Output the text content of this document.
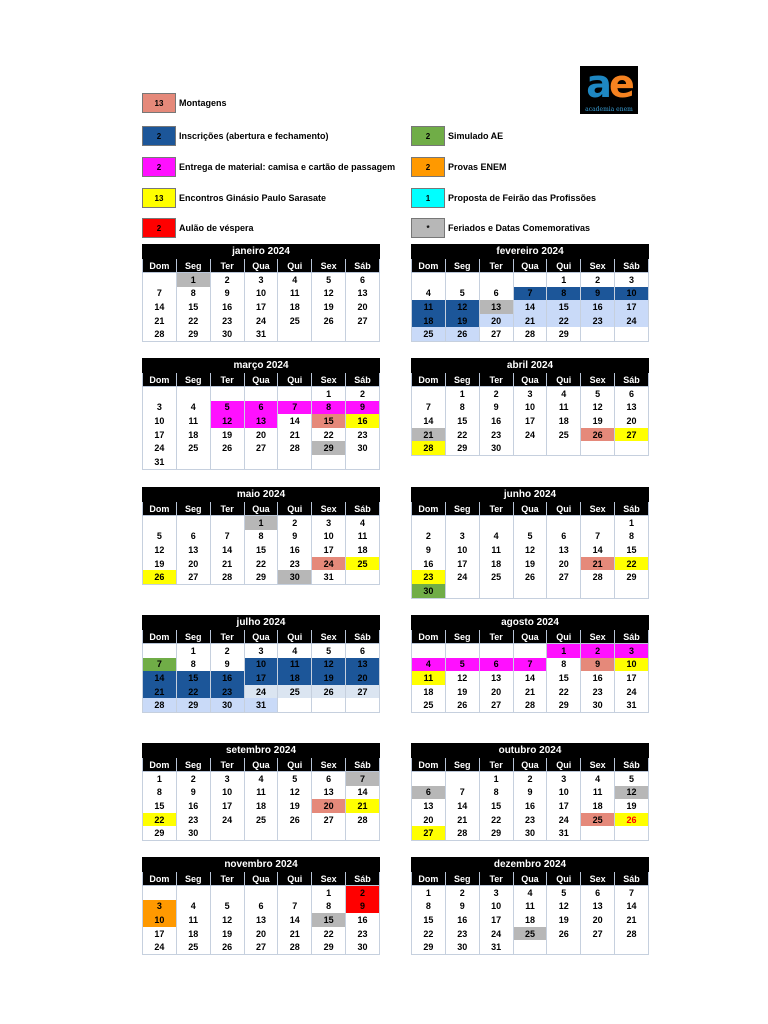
ae
academia enem
13	Montagens
2	Inscrições (abertura e fechamento)	2	Simulado AE
2	Entrega de material: camisa e cartão de passagem	2	Provas ENEM
13	Encontros Ginásio Paulo Sarasate	1	Proposta de Feirão das Profissões
2	Aulão de véspera	*	Feriados e Datas Comemorativas
janeiro 2024
Dom	Seg	Ter	Qua	Qui	Sex	Sáb
	1	2	3	4	5	6
7	8	9	10	11	12	13
14	15	16	17	18	19	20
21	22	23	24	25	26	27
28	29	30	31			
fevereiro 2024
Dom	Seg	Ter	Qua	Qui	Sex	Sáb
				1	2	3
4	5	6	7	8	9	10
11	12	13	14	15	16	17
18	19	20	21	22	23	24
25	26	27	28	29		
março 2024
Dom	Seg	Ter	Qua	Qui	Sex	Sáb
					1	2
3	4	5	6	7	8	9
10	11	12	13	14	15	16
17	18	19	20	21	22	23
24	25	26	27	28	29	30
31						
abril 2024
Dom	Seg	Ter	Qua	Qui	Sex	Sáb
	1	2	3	4	5	6
7	8	9	10	11	12	13
14	15	16	17	18	19	20
21	22	23	24	25	26	27
28	29	30				
maio 2024
Dom	Seg	Ter	Qua	Qui	Sex	Sáb
			1	2	3	4
5	6	7	8	9	10	11
12	13	14	15	16	17	18
19	20	21	22	23	24	25
26	27	28	29	30	31	
junho 2024
Dom	Seg	Ter	Qua	Qui	Sex	Sáb
						1
2	3	4	5	6	7	8
9	10	11	12	13	14	15
16	17	18	19	20	21	22
23	24	25	26	27	28	29
30						
julho 2024
Dom	Seg	Ter	Qua	Qui	Sex	Sáb
	1	2	3	4	5	6
7	8	9	10	11	12	13
14	15	16	17	18	19	20
21	22	23	24	25	26	27
28	29	30	31			
agosto 2024
Dom	Seg	Ter	Qua	Qui	Sex	Sáb
				1	2	3
4	5	6	7	8	9	10
11	12	13	14	15	16	17
18	19	20	21	22	23	24
25	26	27	28	29	30	31
setembro 2024
Dom	Seg	Ter	Qua	Qui	Sex	Sáb
1	2	3	4	5	6	7
8	9	10	11	12	13	14
15	16	17	18	19	20	21
22	23	24	25	26	27	28
29	30					
outubro 2024
Dom	Seg	Ter	Qua	Qui	Sex	Sáb
		1	2	3	4	5
6	7	8	9	10	11	12
13	14	15	16	17	18	19
20	21	22	23	24	25	26
27	28	29	30	31		
novembro 2024
Dom	Seg	Ter	Qua	Qui	Sex	Sáb
					1	2
3	4	5	6	7	8	9
10	11	12	13	14	15	16
17	18	19	20	21	22	23
24	25	26	27	28	29	30
dezembro 2024
Dom	Seg	Ter	Qua	Qui	Sex	Sáb
1	2	3	4	5	6	7
8	9	10	11	12	13	14
15	16	17	18	19	20	21
22	23	24	25	26	27	28
29	30	31				
